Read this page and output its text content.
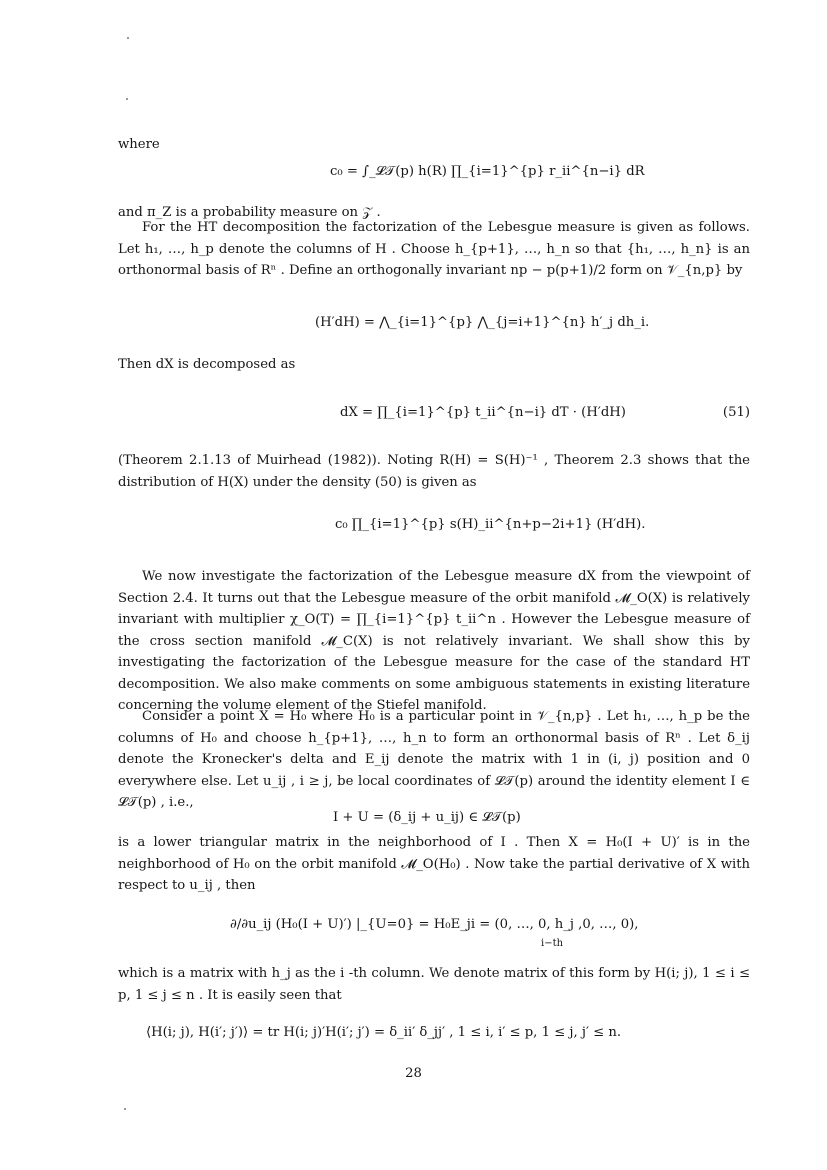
where
c₀ = ∫_𝓛𝒯(p) h(R) ∏_{i=1}^{p} r_ii^{n−i} dR
and π_Z is a probability measure on 𝒵 .
For the HT decomposition the factorization of the Lebesgue measure is given as follows. Let h₁, …, h_p denote the columns of H . Choose h_{p+1}, …, h_n so that {h₁, …, h_n} is an orthonormal basis of Rⁿ . Define an orthogonally invariant np − p(p+1)/2 form on 𝒱_{n,p} by
(H′dH) = ⋀_{i=1}^{p} ⋀_{j=i+1}^{n} h′_j dh_i.
Then dX is decomposed as
dX = ∏_{i=1}^{p} t_ii^{n−i} dT · (H′dH)	(51)
(Theorem 2.1.13 of Muirhead (1982)). Noting R(H) = S(H)⁻¹ , Theorem 2.3 shows that the distribution of H(X) under the density (50) is given as
c₀ ∏_{i=1}^{p} s(H)_ii^{n+p−2i+1} (H′dH).
We now investigate the factorization of the Lebesgue measure dX from the viewpoint of Section 2.4. It turns out that the Lebesgue measure of the orbit manifold 𝓜_O(X) is relatively invariant with multiplier χ_O(T) = ∏_{i=1}^{p} t_ii^n . However the Lebesgue measure of the cross section manifold 𝓜_C(X) is not relatively invariant. We shall show this by investigating the factorization of the Lebesgue measure for the case of the standard HT decomposition. We also make comments on some ambiguous statements in existing literature concerning the volume element of the Stiefel manifold.
Consider a point X = H₀ where H₀ is a particular point in 𝒱_{n,p} . Let h₁, …, h_p be the columns of H₀ and choose h_{p+1}, …, h_n to form an orthonormal basis of Rⁿ . Let δ_ij denote the Kronecker's delta and E_ij denote the matrix with 1 in (i, j) position and 0 everywhere else. Let u_ij , i ≥ j, be local coordinates of 𝓛𝒯(p) around the identity element I ∈ 𝓛𝒯(p) , i.e.,
I + U = (δ_ij + u_ij) ∈ 𝓛𝒯(p)
is a lower triangular matrix in the neighborhood of I . Then X = H₀(I + U)′ is in the neighborhood of H₀ on the orbit manifold 𝓜_O(H₀) . Now take the partial derivative of X with respect to u_ij , then
∂/∂u_ij (H₀(I + U)′) |_{U=0} = H₀E_ji = (0, …, 0, h_j ,0, …, 0),
i−th
which is a matrix with h_j as the i -th column. We denote matrix of this form by H(i; j), 1 ≤ i ≤ p, 1 ≤ j ≤ n . It is easily seen that
⟨H(i; j), H(i′; j′)⟩ = tr H(i; j)′H(i′; j′) = δ_ii′ δ_jj′ , 1 ≤ i, i′ ≤ p, 1 ≤ j, j′ ≤ n.
28
